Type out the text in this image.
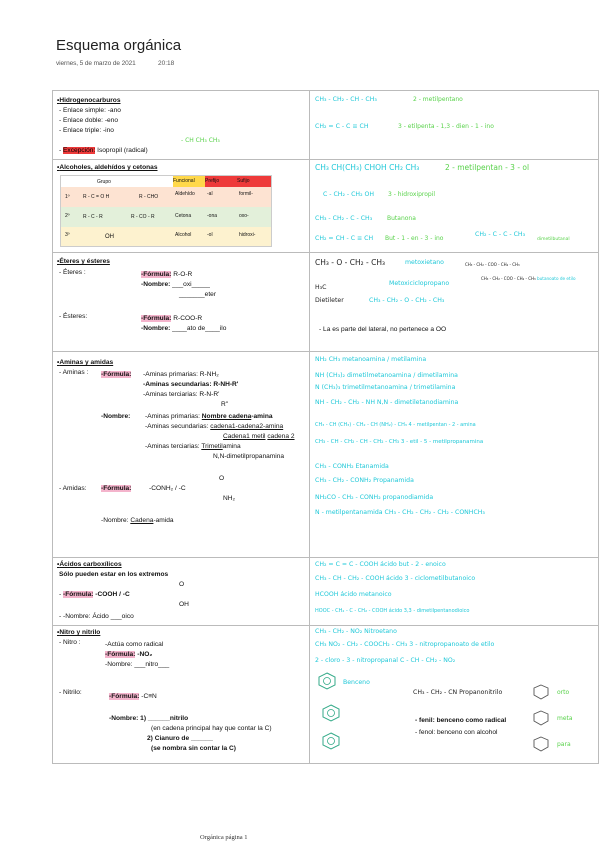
Esquema orgánica
viernes, 5 de marzo de 2021	20:18
•Hidrogenocarburos
- Enlace simple: -ano
- Enlace doble: -eno
- Enlace triple: -ino
- Excepción: Isopropil (radical)
- CH CH₃ CH₃
CH₃ - CH₂ - CH - CH₃	2 - metilpentano
CH₂ = C - C ≡ CH	3 - etilpenta - 1,3 - dien - 1 - ino
•Alcoholes, aldehídos y cetonas	CH₃ CH(CH₃) CHOH CH₂ CH₃	2 - metilpentan - 3 - ol
C - CH₂ - CH₂ OH 3 - hidroxipropil
CH₃ - CH₂ - C - CH₃ Butanona
CH₂ = CH - C ≡ CH But - 1 - en - 3 - ino
CH₂ - C - C - CH₃
dimetilbutanal
•Éteres y ésteres
- Éteres :	-Fórmula: R-O-R
-Nombre: ___oxi_____
_______eter
- Ésteres:	-Fórmula: R-COO-R
-Nombre: ____ato de____ilo
CH₃ - O - CH₂ - CH₃	metoxietano	CH₃ - CH₂ - COO - CH₂ - CH₃
H₃C
Metoxiciclopropano
CH₃ - CH₂ - COO - CH₂ - CH₃ butanoato de etilo
Dietileter	CH₃ - CH₂ - O - CH₂ - CH₃
- La es parte del lateral, no pertenece a OO
•Aminas y amidas
- Aminas : -Fórmula: -Aminas primarias: R-NH₂
-Aminas secundarias: R-NH-R'
-Aminas terciarias: R-N-R'
R''
-Nombre: -Aminas primarias: Nombre cadena-amina
-Aminas secundarias: cadena1-cadena2-amina
Cadena1 metil cadena 2
-Aminas terciarias: Trimetilamina
N,N-dimetilpropanamina
- Amidas: -Fórmula:	-CONH₂ / -C
O
NH₂
-Nombre: Cadena-amida
NH₂ CH₃ metanoamina / metilamina
NH (CH₃)₂ dimetilmetanoamina / dimetilamina
N (CH₃)₃ trimetilmetanoamina / trimetilamina
NH - CH₂ - CH₂ - NH N,N - dimetiletanodiamina
CH₃ - CH (CH₃) - CH₂ - CH (NH₂) - CH₃ 4 - metilpentan - 2 - amina
CH₃ - CH - CH₂ - CH - CH₂ - CH₃ 3 - etil - 5 - metilpropanamina
CH₃ - CONH₂ Etanamida
CH₃ - CH₂ - CONH₂ Propanamida
NH₂CO - CH₂ - CONH₂ propanodiamida
N - metilpentanamida CH₃ - CH₂ - CH₂ - CH₂ - CONHCH₃
•Ácidos carboxílicos
Sólo pueden estar en los extremos
- -Fórmula: -COOH / -C
O
OH
- -Nombre: Ácido ___oico
CH₂ = C = C - COOH ácido but - 2 - enoico
CH₃ - CH - CH₂ - COOH ácido 3 - ciclometilbutanoico
HCOOH ácido metanoico
HOOC - CH₂ - C - CH₂ - COOH ácido 3,3 - dimetilpentanodioico
•Nitro y nitrilo
- Nitro :	-Actúa como radical
-Fórmula: -NO₂
-Nombre: ___nitro___
- Nitrilo:
-Fórmula: -C≡N
-Nombre: 1) ______nitrilo
(en cadena principal hay que contar la C)
2) Cianuro de ______
(se nombra sin contar la C)
CH₃ - CH₂ - NO₂ Nitroetano
CH₃ NO₂ - CH₂ - COOCH₂ - CH₃ 3 - nitropropanoato de etilo
2 - cloro - 3 - nitropropanal C - CH - CH₂ - NO₂
Benceno
CH₃ - CH₂ - CN Propanonitrilo
- fenil: benceno como radical
- fenol: benceno con alcohol
orto
meta
para
Grupo	Funcional	Prefijo	Sufijo
1º	R - C = O H	R - CHO	Aldehído -al	formil-
2º	R - C - R	R - CO - R	Cetona	-ona	oxo-
3º	OH	Alcohol	-ol	hidroxi-
Orgánica página 1
